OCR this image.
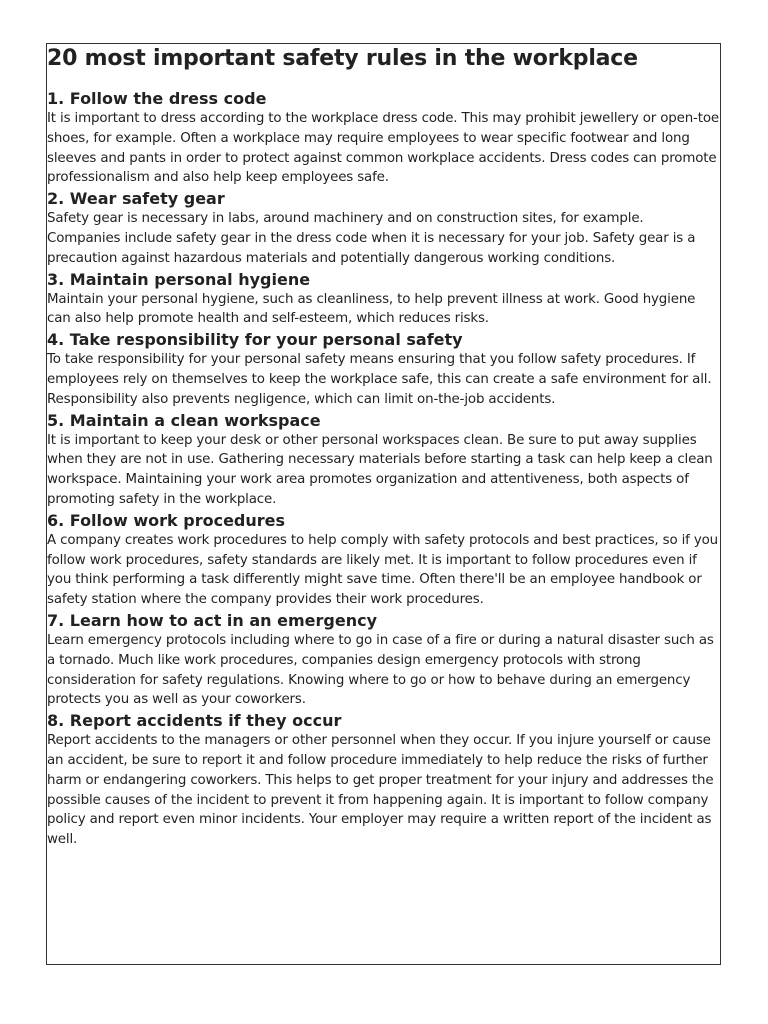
20 most important safety rules in the workplace
1. Follow the dress code

It is important to dress according to the workplace dress code. This may prohibit jewellery or open-toe shoes, for example. Often a workplace may require employees to wear specific footwear and long sleeves and pants in order to protect against common workplace accidents. Dress codes can promote professionalism and also help keep employees safe.

2. Wear safety gear

Safety gear is necessary in labs, around machinery and on construction sites, for example. Companies include safety gear in the dress code when it is necessary for your job. Safety gear is a precaution against hazardous materials and potentially dangerous working conditions.

3. Maintain personal hygiene

Maintain your personal hygiene, such as cleanliness, to help prevent illness at work. Good hygiene can also help promote health and self-esteem, which reduces risks.

4. Take responsibility for your personal safety

To take responsibility for your personal safety means ensuring that you follow safety procedures. If employees rely on themselves to keep the workplace safe, this can create a safe environment for all. Responsibility also prevents negligence, which can limit on-the-job accidents.

5. Maintain a clean workspace

It is important to keep your desk or other personal workspaces clean. Be sure to put away supplies when they are not in use. Gathering necessary materials before starting a task can help keep a clean workspace. Maintaining your work area promotes organization and attentiveness, both aspects of promoting safety in the workplace.

6. Follow work procedures

A company creates work procedures to help comply with safety protocols and best practices, so if you follow work procedures, safety standards are likely met. It is important to follow procedures even if you think performing a task differently might save time. Often there'll be an employee handbook or safety station where the company provides their work procedures.

7. Learn how to act in an emergency

Learn emergency protocols including where to go in case of a fire or during a natural disaster such as a tornado. Much like work procedures, companies design emergency protocols with strong consideration for safety regulations. Knowing where to go or how to behave during an emergency protects you as well as your coworkers.

8. Report accidents if they occur

Report accidents to the managers or other personnel when they occur. If you injure yourself or cause an accident, be sure to report it and follow procedure immediately to help reduce the risks of further harm or endangering coworkers. This helps to get proper treatment for your injury and addresses the possible causes of the incident to prevent it from happening again. It is important to follow company policy and report even minor incidents. Your employer may require a written report of the incident as well.
